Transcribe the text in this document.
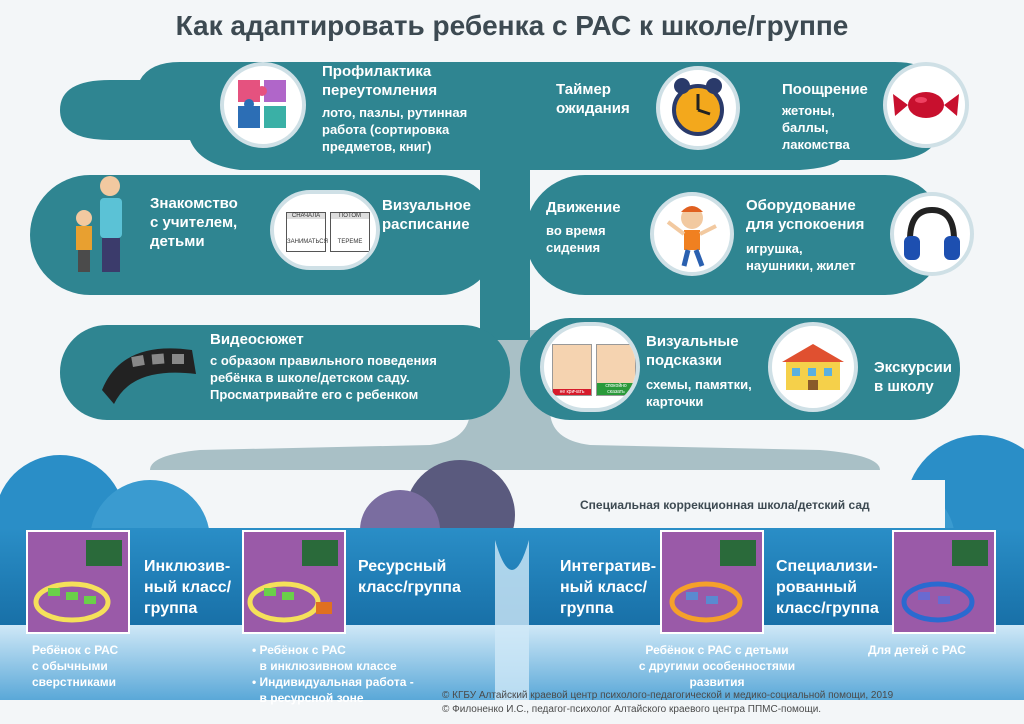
Как адаптировать ребенка с РАС к школе/группе
Профилактика
переутомления
лото, пазлы, рутинная
работа (сортировка
предметов, книг)
Таймер
ожидания
Поощрение
жетоны,
баллы,
лакомства
Знакомство
с учителем,
детьми
СНАЧАЛА
ЗАНИМАТЬСЯ
ПОТОМ
ТЕРЕМЕ
Визуальное
расписание
Движение
во время
сидения
Оборудование
для успокоения
игрушка,
наушники, жилет
Видеосюжет
с образом правильного поведения
ребёнка в школе/детском саду.
Просматривайте его с ребенком	не кричать
спокойно
сказать
Визуальные
подсказки
схемы, памятки,
карточки
Экскурсии
в школу
Специальная коррекционная школа/детский сад
Инклюзив-
ный класс/
группа
Ребёнок с РАС
с обычными
сверстниками
Ресурсный
класс/группа
• Ребёнок с РАС
в инклюзивном классе
• Индивидуальная работа -
в ресурсной зоне
Интегратив-
ный класс/
группа
Специализи-
рованный
класс/группа
Ребёнок с РАС с детьми
с другими особенностями
развития
Для детей с РАС
© КГБУ Алтайский краевой центр психолого-педагогической и медико-социальной помощи, 2019
© Филоненко И.С., педагог-психолог Алтайского краевого центра ППМС-помощи.
